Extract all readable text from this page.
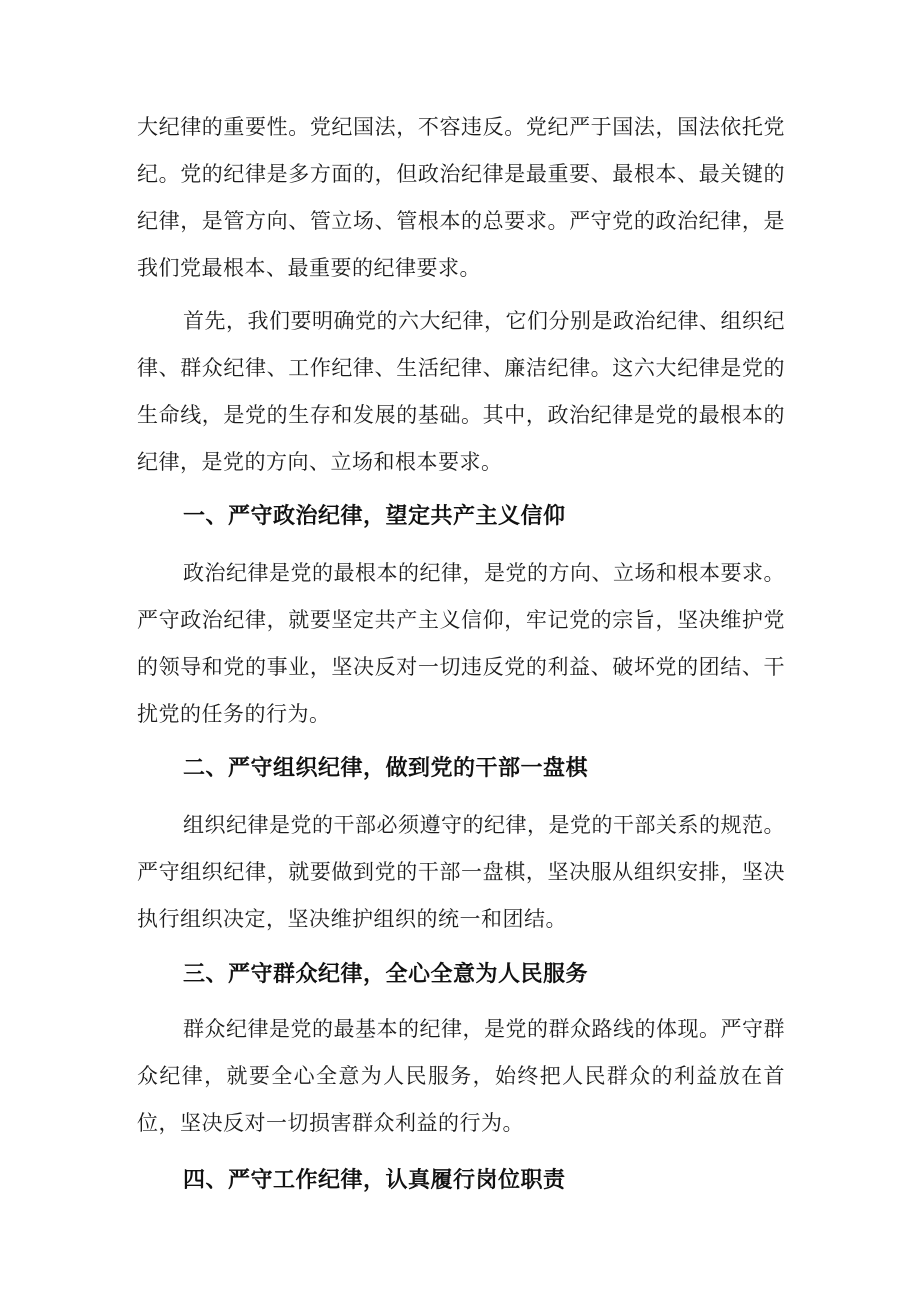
大纪律的重要性。党纪国法，不容违反。党纪严于国法，国法依托党纪。党的纪律是多方面的，但政治纪律是最重要、最根本、最关键的纪律，是管方向、管立场、管根本的总要求。严守党的政治纪律，是我们党最根本、最重要的纪律要求。

首先，我们要明确党的六大纪律，它们分别是政治纪律、组织纪律、群众纪律、工作纪律、生活纪律、廉洁纪律。这六大纪律是党的生命线，是党的生存和发展的基础。其中，政治纪律是党的最根本的纪律，是党的方向、立场和根本要求。

一、严守政治纪律，望定共产主义信仰

政治纪律是党的最根本的纪律，是党的方向、立场和根本要求。严守政治纪律，就要坚定共产主义信仰，牢记党的宗旨，坚决维护党的领导和党的事业，坚决反对一切违反党的利益、破坏党的团结、干扰党的任务的行为。

二、严守组织纪律，做到党的干部一盘棋

组织纪律是党的干部必须遵守的纪律，是党的干部关系的规范。严守组织纪律，就要做到党的干部一盘棋，坚决服从组织安排，坚决执行组织决定，坚决维护组织的统一和团结。

三、严守群众纪律，全心全意为人民服务

群众纪律是党的最基本的纪律，是党的群众路线的体现。严守群众纪律，就要全心全意为人民服务，始终把人民群众的利益放在首位，坚决反对一切损害群众利益的行为。

四、严守工作纪律，认真履行岗位职责
